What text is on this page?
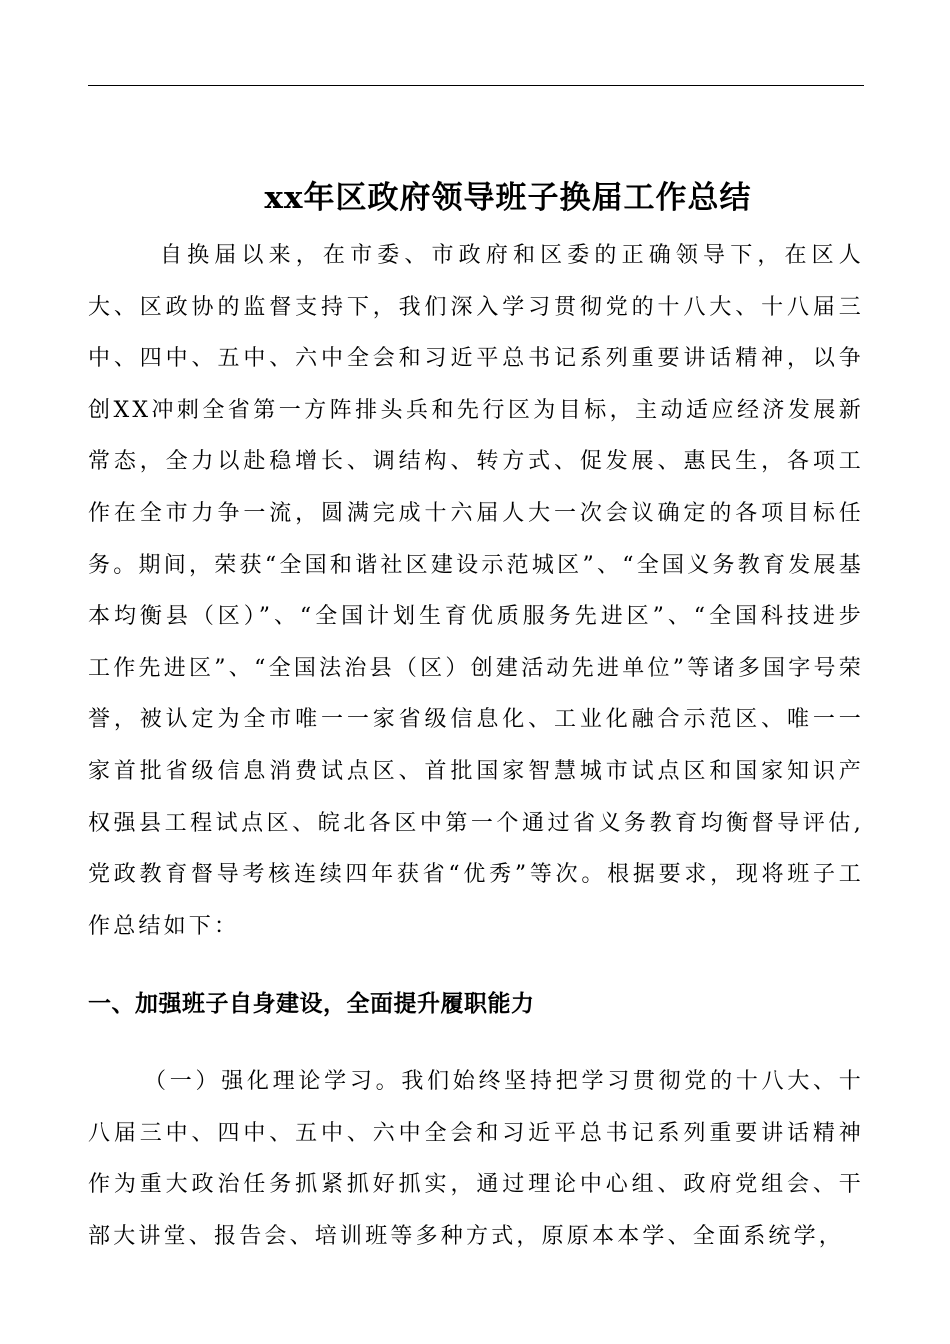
xx年区政府领导班子换届工作总结

自换届以来，在市委、市政府和区委的正确领导下，在区人大、区政协的监督支持下，我们深入学习贯彻党的十八大、十八届三中、四中、五中、六中全会和习近平总书记系列重要讲话精神，以争创XX冲刺全省第一方阵排头兵和先行区为目标，主动适应经济发展新常态，全力以赴稳增长、调结构、转方式、促发展、惠民生，各项工作在全市力争一流，圆满完成十六届人大一次会议确定的各项目标任务。期间，荣获“全国和谐社区建设示范城区”、“全国义务教育发展基本均衡县（区）”、“全国计划生育优质服务先进区”、“全国科技进步工作先进区”、“全国法治县（区）创建活动先进单位”等诸多国字号荣誉，被认定为全市唯一一家省级信息化、工业化融合示范区、唯一一家首批省级信息消费试点区、首批国家智慧城市试点区和国家知识产权强县工程试点区、皖北各区中第一个通过省义务教育均衡督导评估,党政教育督导考核连续四年获省“优秀”等次。根据要求，现将班子工作总结如下：

一、加强班子自身建设，全面提升履职能力

（一）强化理论学习。我们始终坚持把学习贯彻党的十八大、十八届三中、四中、五中、六中全会和习近平总书记系列重要讲话精神作为重大政治任务抓紧抓好抓实，通过理论中心组、政府党组会、干部大讲堂、报告会、培训班等多种方式，原原本本学、全面系统学，
